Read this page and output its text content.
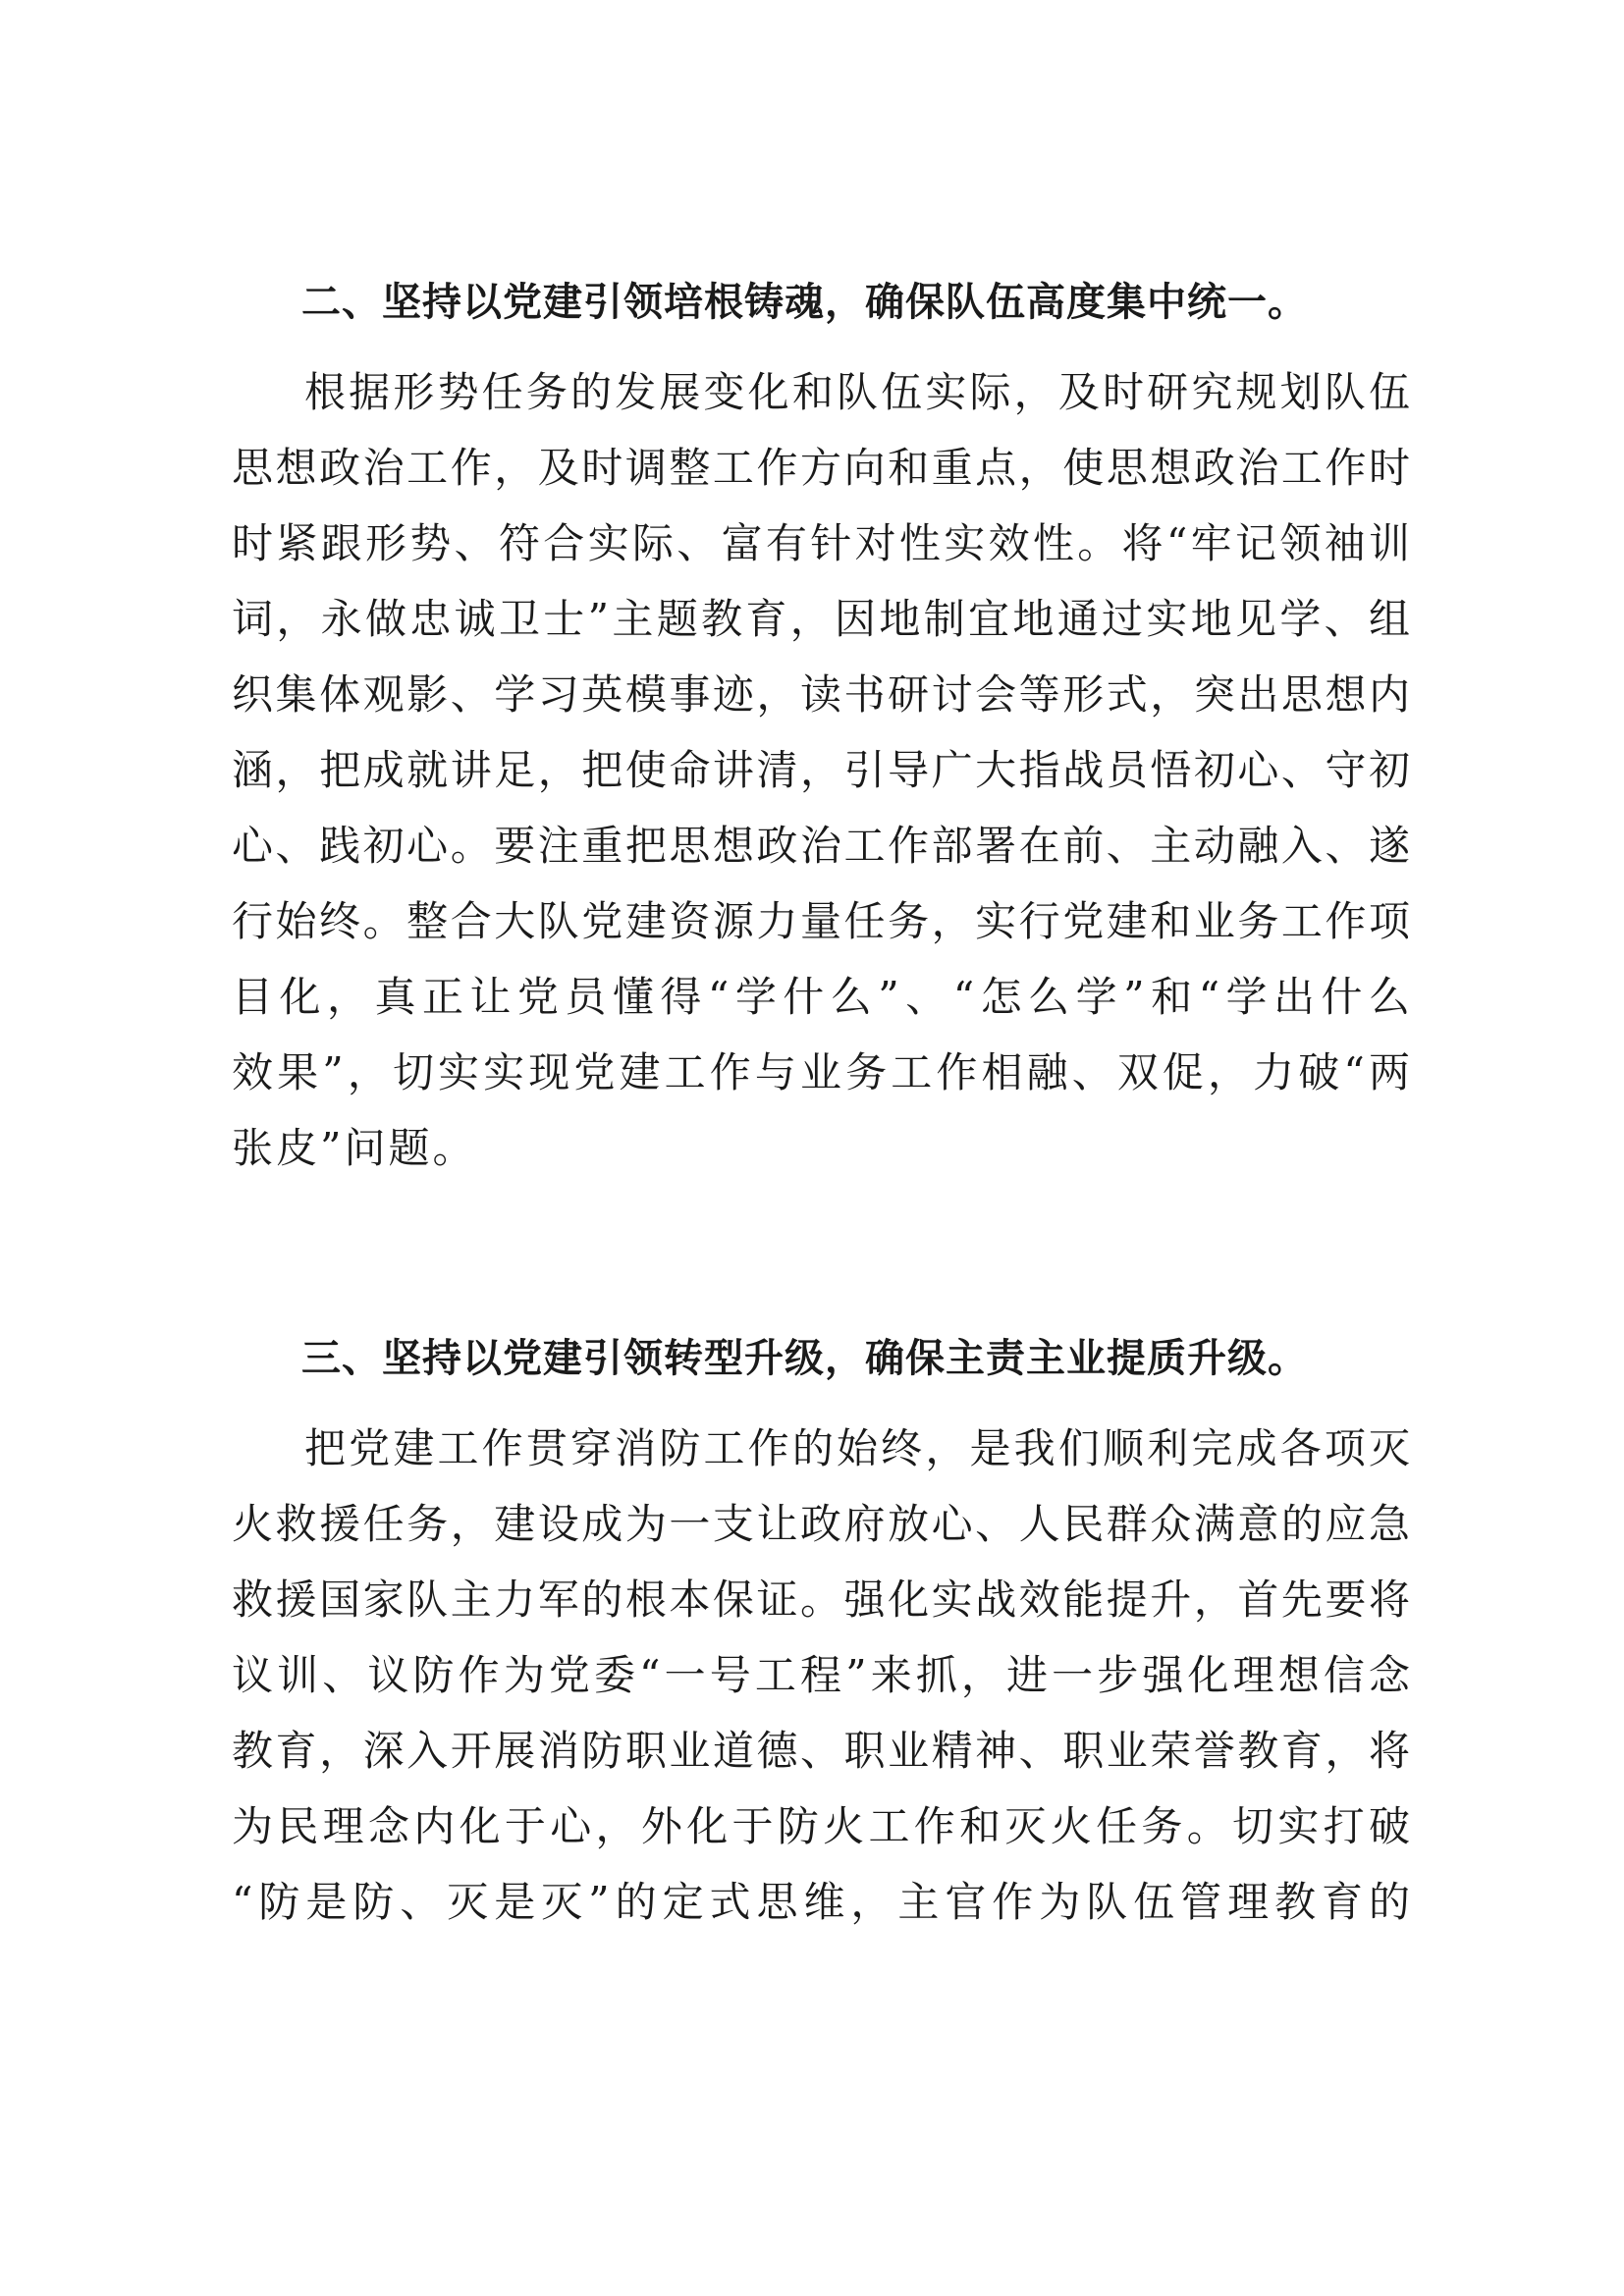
二、坚持以党建引领培根铸魂，确保队伍高度集中统一。
根据形势任务的发展变化和队伍实际，及时研究规划队伍
思想政治工作，及时调整工作方向和重点，使思想政治工作时
时紧跟形势、符合实际、富有针对性实效性。将“牢记领袖训
词，永做忠诚卫士”主题教育，因地制宜地通过实地见学、组
织集体观影、学习英模事迹，读书研讨会等形式，突出思想内
涵，把成就讲足，把使命讲清，引导广大指战员悟初心、守初
心、践初心。要注重把思想政治工作部署在前、主动融入、遂
行始终。整合大队党建资源力量任务，实行党建和业务工作项
目化，真正让党员懂得“学什么”、“怎么学”和“学出什么
效果”，切实实现党建工作与业务工作相融、双促，力破“两
张皮”问题。
三、坚持以党建引领转型升级，确保主责主业提质升级。
把党建工作贯穿消防工作的始终，是我们顺利完成各项灭
火救援任务，建设成为一支让政府放心、人民群众满意的应急
救援国家队主力军的根本保证。强化实战效能提升，首先要将
议训、议防作为党委“一号工程”来抓，进一步强化理想信念
教育，深入开展消防职业道德、职业精神、职业荣誉教育，将
为民理念内化于心，外化于防火工作和灭火任务。切实打破
“防是防、灭是灭”的定式思维，主官作为队伍管理教育的
